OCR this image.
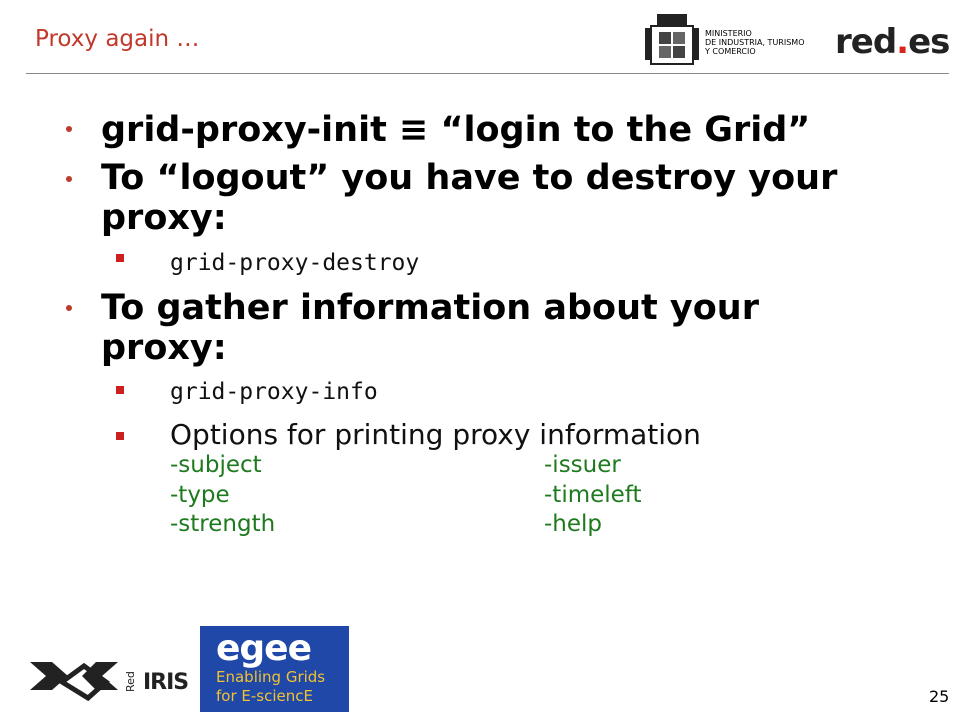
Proxy again …	MINISTERIO
DE INDUSTRIA, TURISMO
Y COMERCIO	red.es
grid-proxy-init ≡ “login to the Grid”
To “logout” you have to destroy your proxy:
grid-proxy-destroy
To gather information about your proxy:
grid-proxy-info
Options for printing proxy information
-subject	-issuer
-type	-timeleft
-strength	-help
Red IRIS
egee
Enabling Grids
for E-sciencE	25
